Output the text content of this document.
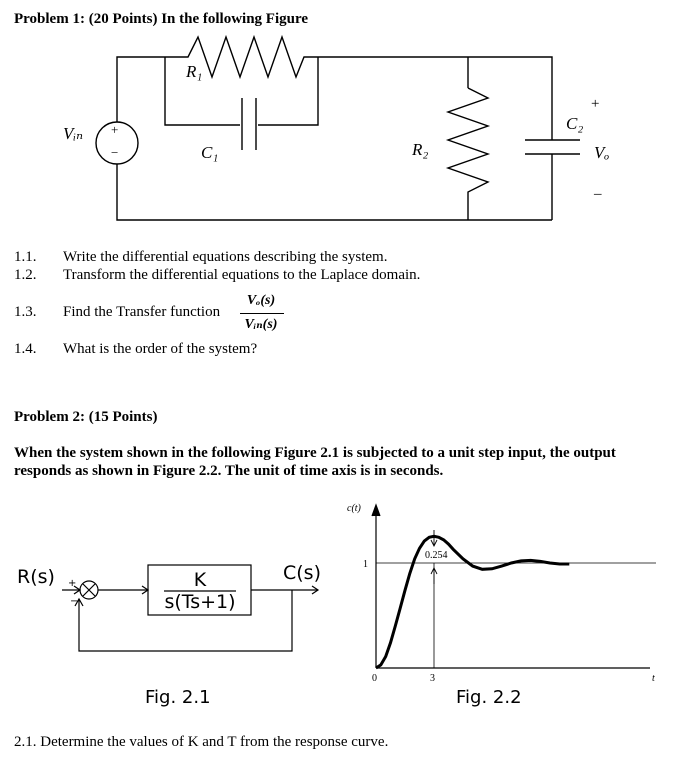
Problem 1: (20 Points) In the following Figure
R₁
C₁	R₂
C₂
Vᵢₙ +
−
+
Vₒ
–
1.1. Write the differential equations describing the system.
1.2. Transform the differential equations to the Laplace domain.
1.3. Find the Transfer function
Vₒ(s)
Vᵢₙ(s)
1.4. What is the order of the system?
Problem 2: (15 Points)
When the system shown in the following Figure 2.1 is subjected to a unit step input, the output
responds as shown in Figure 2.2. The unit of time axis is in seconds.
R(s)	C(s)
+
−
K
s(Ts+1)
c(t)
1
0	3	t
0.254
Fig. 2.1	Fig. 2.2
2.1. Determine the values of K and T from the response curve.
